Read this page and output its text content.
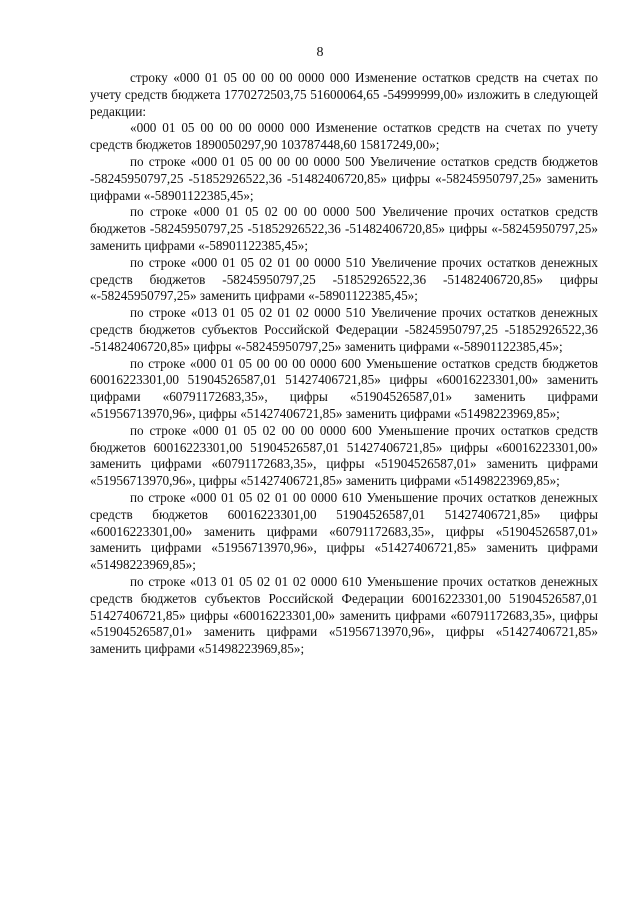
8

строку «000 01 05 00 00 00 0000 000 Изменение остатков средств на счетах по учету средств бюджета 1770272503,75 51600064,65 -54999999,00» изложить в следующей редакции:

«000 01 05 00 00 00 0000 000 Изменение остатков средств на счетах по учету средств бюджетов 1890050297,90 103787448,60 15817249,00»;

по строке «000 01 05 00 00 00 0000 500 Увеличение остатков средств бюджетов -58245950797,25 -51852926522,36 -51482406720,85» цифры «-58245950797,25» заменить цифрами «-58901122385,45»;

по строке «000 01 05 02 00 00 0000 500 Увеличение прочих остатков средств бюджетов -58245950797,25 -51852926522,36 -51482406720,85» цифры «-58245950797,25» заменить цифрами «-58901122385,45»;

по строке «000 01 05 02 01 00 0000 510 Увеличение прочих остатков денежных средств бюджетов -58245950797,25 -51852926522,36 -51482406720,85» цифры «-58245950797,25» заменить цифрами «-58901122385,45»;

по строке «013 01 05 02 01 02 0000 510 Увеличение прочих остатков денежных средств бюджетов субъектов Российской Федерации -58245950797,25 -51852926522,36 -51482406720,85» цифры «-58245950797,25» заменить цифрами «-58901122385,45»;

по строке «000 01 05 00 00 00 0000 600 Уменьшение остатков средств бюджетов 60016223301,00 51904526587,01 51427406721,85» цифры «60016223301,00» заменить цифрами «60791172683,35», цифры «51904526587,01» заменить цифрами «51956713970,96», цифры «51427406721,85» заменить цифрами «51498223969,85»;

по строке «000 01 05 02 00 00 0000 600 Уменьшение прочих остатков средств бюджетов 60016223301,00 51904526587,01 51427406721,85» цифры «60016223301,00» заменить цифрами «60791172683,35», цифры «51904526587,01» заменить цифрами «51956713970,96», цифры «51427406721,85» заменить цифрами «51498223969,85»;

по строке «000 01 05 02 01 00 0000 610 Уменьшение прочих остатков денежных средств бюджетов 60016223301,00 51904526587,01 51427406721,85» цифры «60016223301,00» заменить цифрами «60791172683,35», цифры «51904526587,01» заменить цифрами «51956713970,96», цифры «51427406721,85» заменить цифрами «51498223969,85»;

по строке «013 01 05 02 01 02 0000 610 Уменьшение прочих остатков денежных средств бюджетов субъектов Российской Федерации 60016223301,00 51904526587,01 51427406721,85» цифры «60016223301,00» заменить цифрами «60791172683,35», цифры «51904526587,01» заменить цифрами «51956713970,96», цифры «51427406721,85» заменить цифрами «51498223969,85»;
